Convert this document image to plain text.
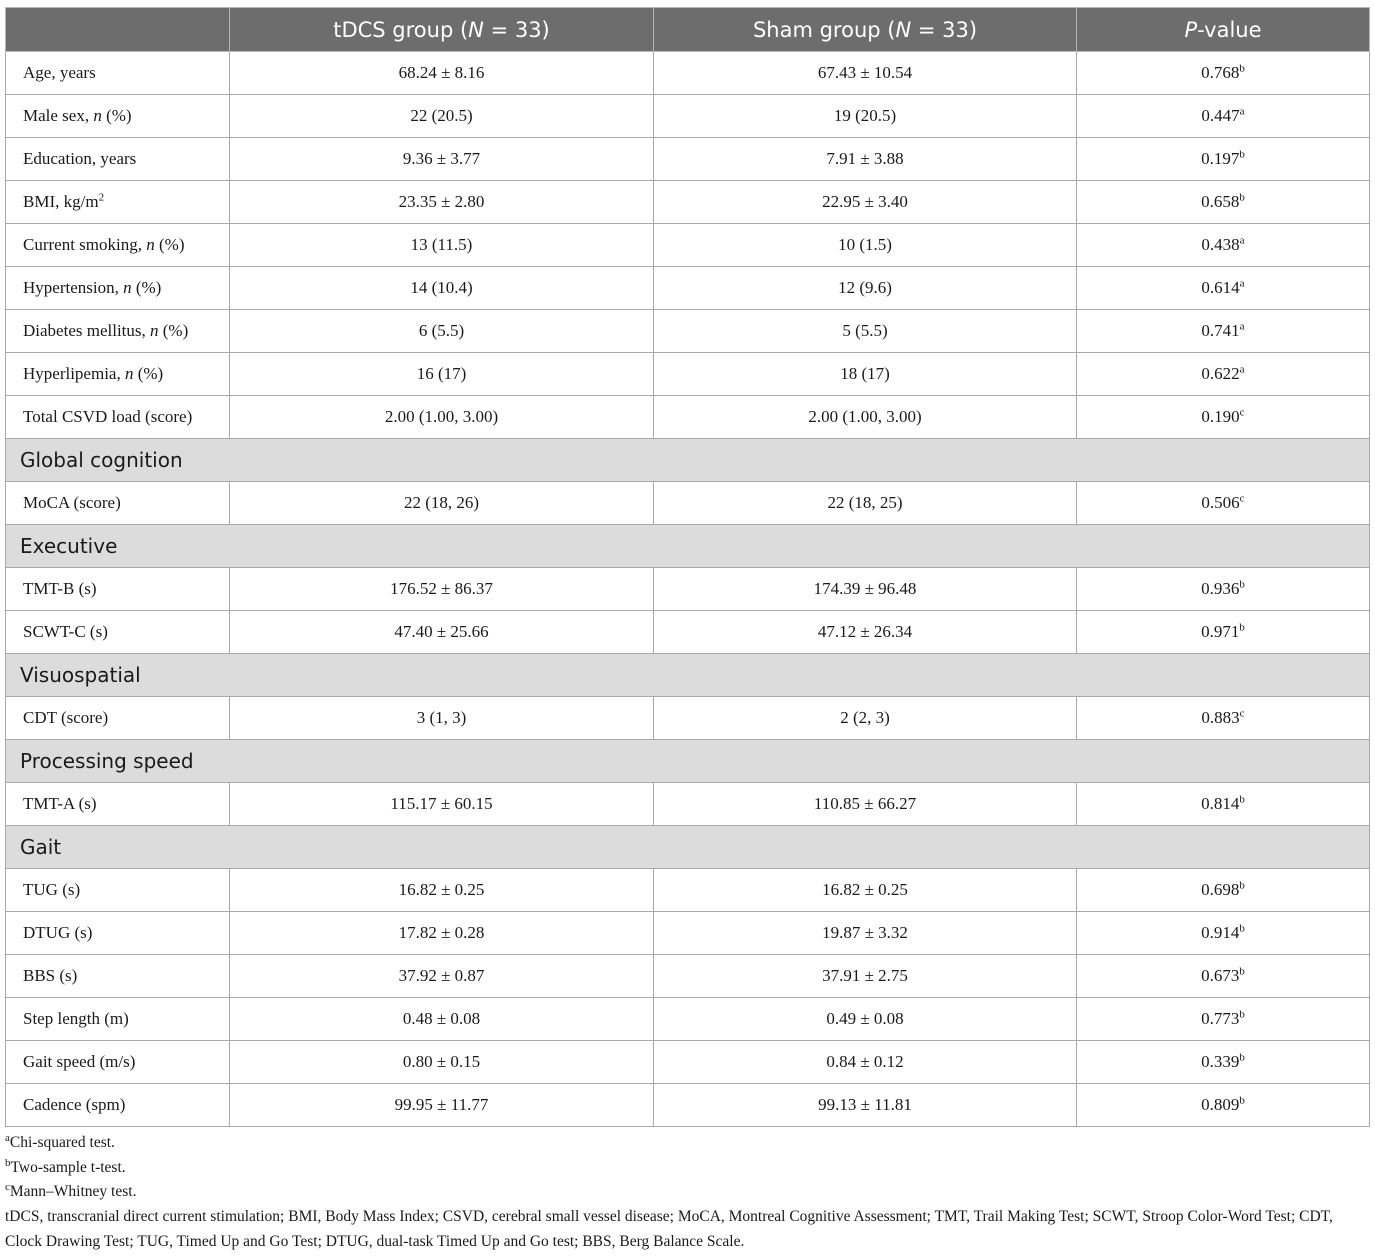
	tDCS group (N = 33)	Sham group (N = 33)	P-value
Age, years	68.24 ± 8.16	67.43 ± 10.54	0.768$^b$
Male sex, n (%)	22 (20.5)	19 (20.5)	0.447$^a$
Education, years	9.36 ± 3.77	7.91 ± 3.88	0.197$^b$
BMI, $kg/m^2$	23.35 ± 2.80	22.95 ± 3.40	0.658$^b$
Current smoking, n (%)	13 (11.5)	10 (1.5)	0.438$^a$
Hypertension, n (%)	14 (10.4)	12 (9.6)	0.614$^a$
Diabetes mellitus, n (%)	6 (5.5)	5 (5.5)	0.741$^a$
Hyperlipemia, n (%)	16 (17)	18 (17)	0.622$^a$
Total CSVD load (score)	2.00 (1.00, 3.00)	2.00 (1.00, 3.00)	0.190$^c$
Global cognition			
MoCA (score)	22 (18, 26)	22 (18, 25)	0.506$^c$
Executive			
TMT-B (s)	176.52 ± 86.37	174.39 ± 96.48	0.936$^b$
SCWT-C (s)	47.40 ± 25.66	47.12 ± 26.34	0.971$^b$
Visuospatial			
CDT (score)	3 (1, 3)	2 (2, 3)	0.883$^c$
Processing speed			
TMT-A (s)	115.17 ± 60.15	110.85 ± 66.27	0.814$^b$
Gait			
TUG (s)	16.82 ± 0.25	16.82 ± 0.25	0.698$^b$
DTUG (s)	17.82 ± 0.28	19.87 ± 3.32	0.914$^b$
BBS (s)	37.92 ± 0.87	37.91 ± 2.75	0.673$^b$
Step length (m)	0.48 ± 0.08	0.49 ± 0.08	0.773$^b$
Gait speed (m/s)	0.80 ± 0.15	0.84 ± 0.12	0.339$^b$
Cadence (spm)	99.95 ± 11.77	99.13 ± 11.81	0.809$^b$
$^a$Chi-squared test.
$^b$Two-sample t-test.
$^c$Mann–Whitney test.
tDCS, transcranial direct current stimulation; BMI, Body Mass Index; CSVD, cerebral small vessel disease; MoCA, Montreal Cognitive Assessment; TMT, Trail Making Test; SCWT, Stroop Color-Word Test; CDT, Clock Drawing Test; TUG, Timed Up and Go Test; DTUG, dual-task Timed Up and Go test; BBS, Berg Balance Scale.
